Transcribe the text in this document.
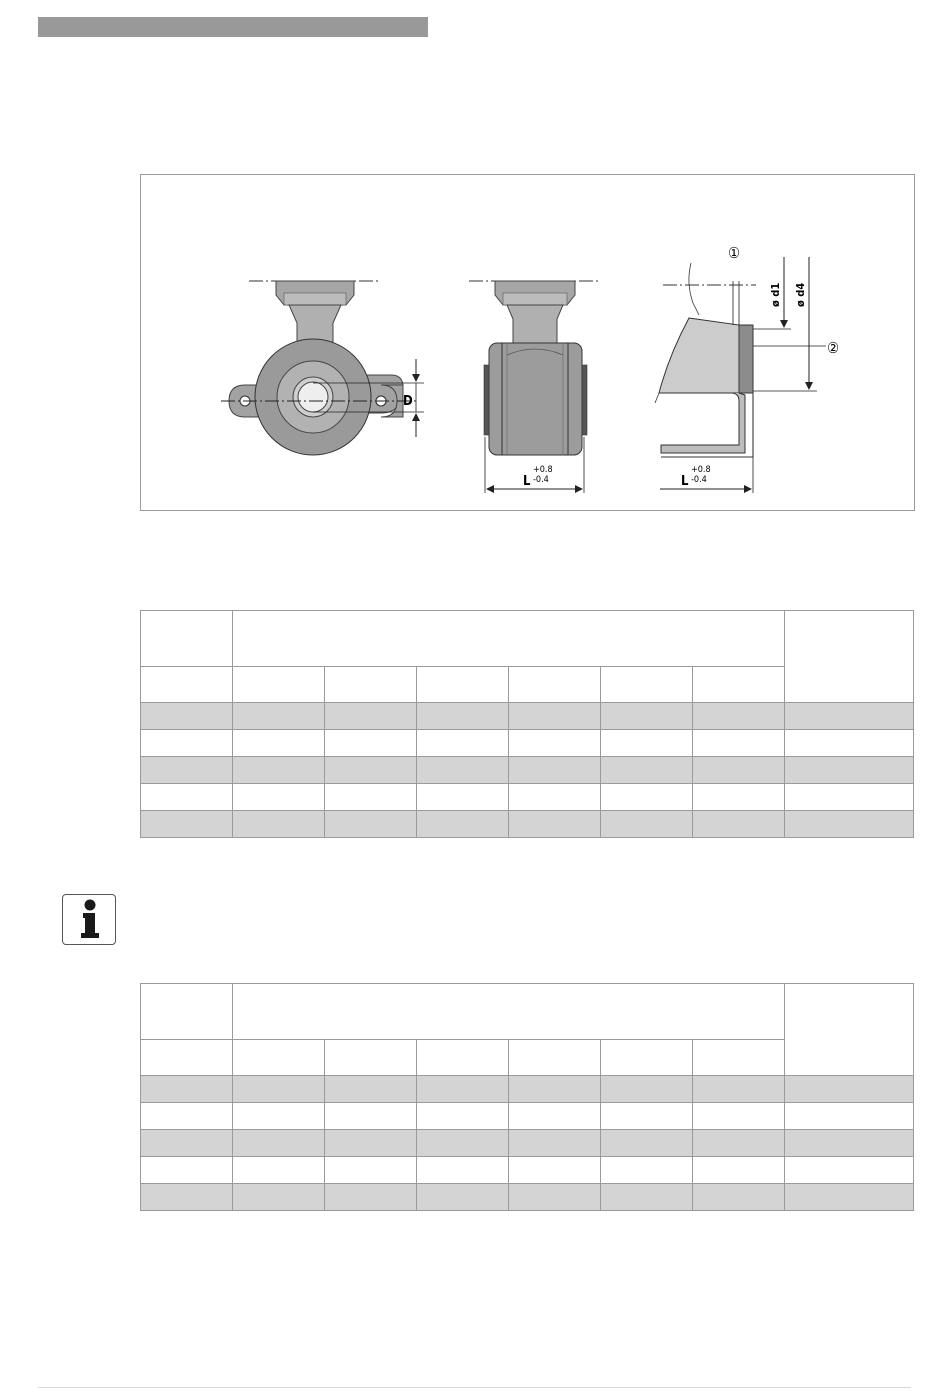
D
+0.8
-0.4
L
ø d1 ø d4
①
②
+0.8
-0.4
L
